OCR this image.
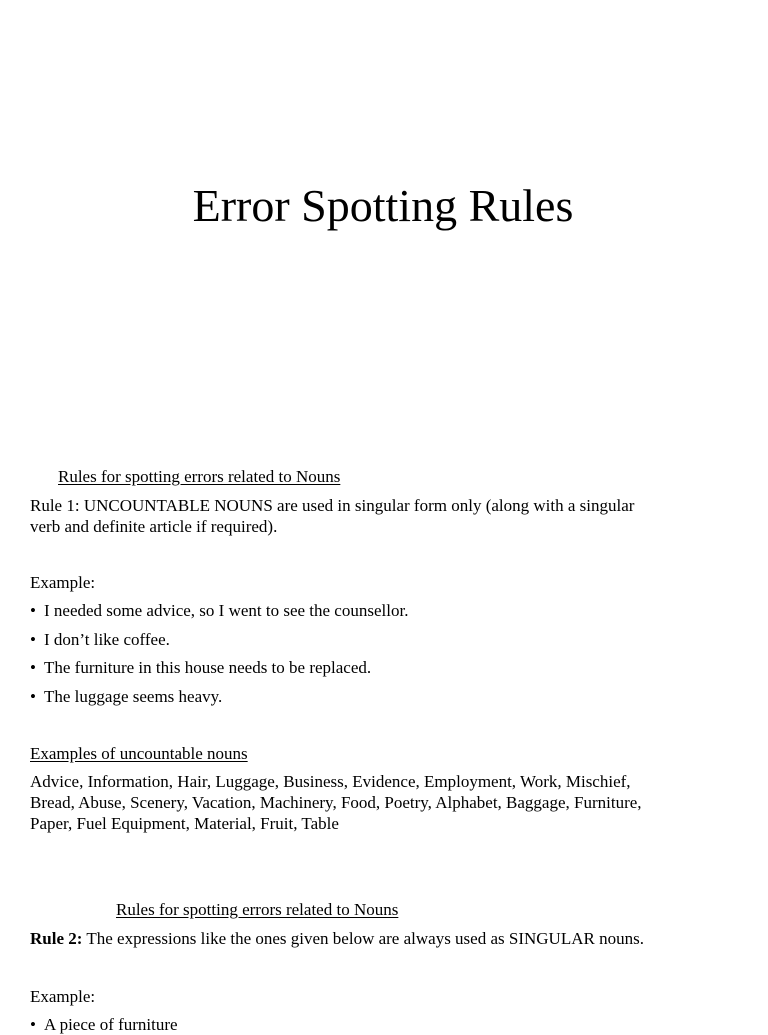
Error Spotting Rules
Rules for spotting errors related to Nouns
Rule 1: UNCOUNTABLE NOUNS are used in singular form only (along with a singular
verb and definite article if required).
Example:
• I needed some advice, so I went to see the counsellor.
• I don’t like coffee.
• The furniture in this house needs to be replaced.
• The luggage seems heavy.
Examples of uncountable nouns
Advice, Information, Hair, Luggage, Business, Evidence, Employment, Work, Mischief,
Bread, Abuse, Scenery, Vacation, Machinery, Food, Poetry, Alphabet, Baggage, Furniture,
Paper, Fuel Equipment, Material, Fruit, Table
Rules for spotting errors related to Nouns
Rule 2: The expressions like the ones given below are always used as SINGULAR nouns.
Example:
• A piece of furniture
